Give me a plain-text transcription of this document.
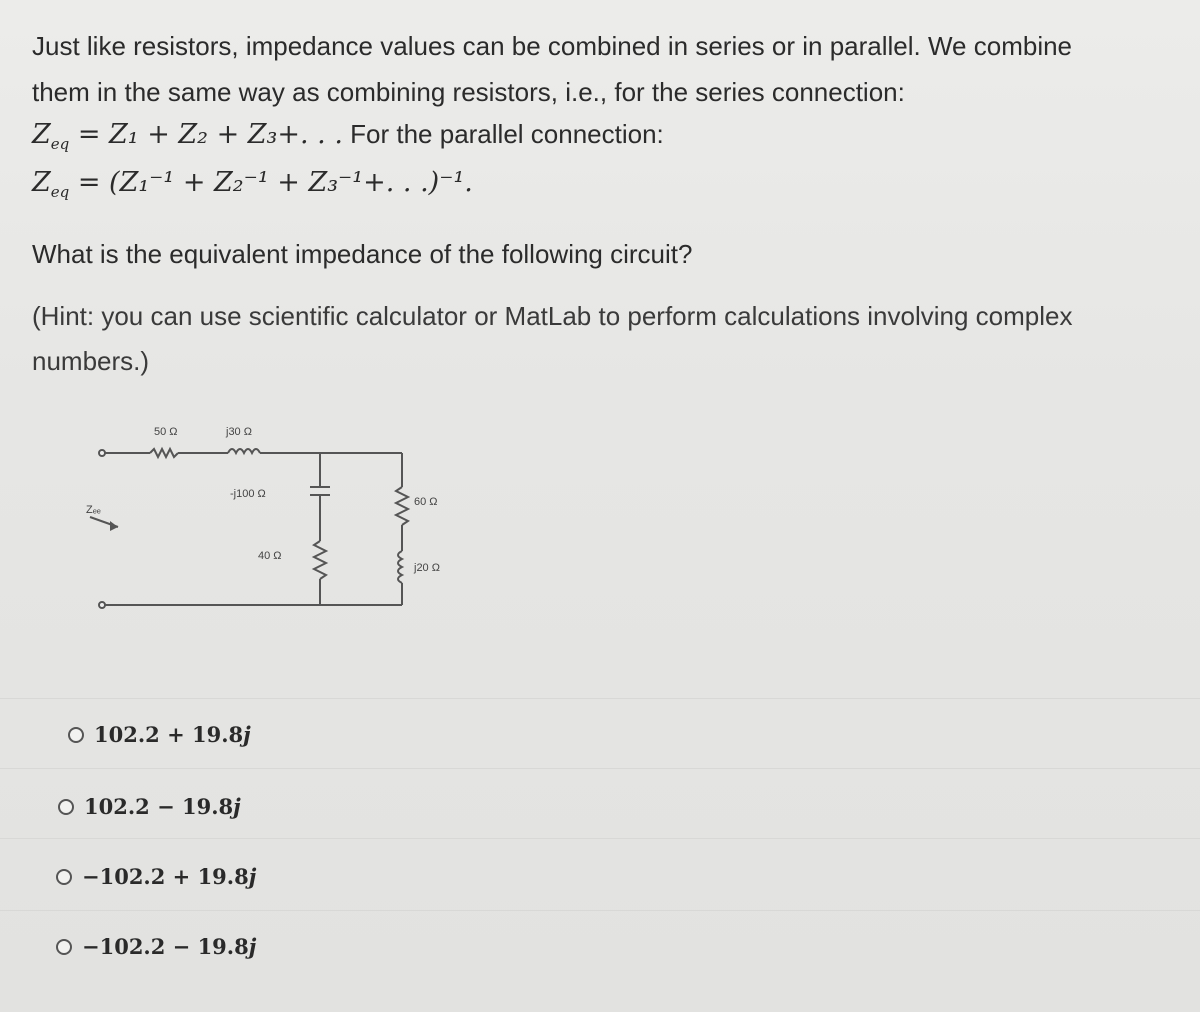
Just like resistors, impedance values can be combined in series or in parallel. We combine
them in the same way as combining resistors, i.e., for the series connection:
$Z_{eq} = Z_1 + Z_2 + Z_3+$. . . For the parallel connection:
$Z_{eq} = (Z_1^{-1} + Z_2^{-1} + Z_3^{-1}+$. . .)⁻¹.
What is the equivalent impedance of the following circuit?
(Hint: you can use scientific calculator or MatLab to perform calculations involving complex
numbers.)
Zₑₑ
50 Ω	j30 Ω
-j100 Ω
40 Ω
60 Ω
j20 Ω
102.2 + 19.8j
102.2 − 19.8j
−102.2 + 19.8j
−102.2 − 19.8j
